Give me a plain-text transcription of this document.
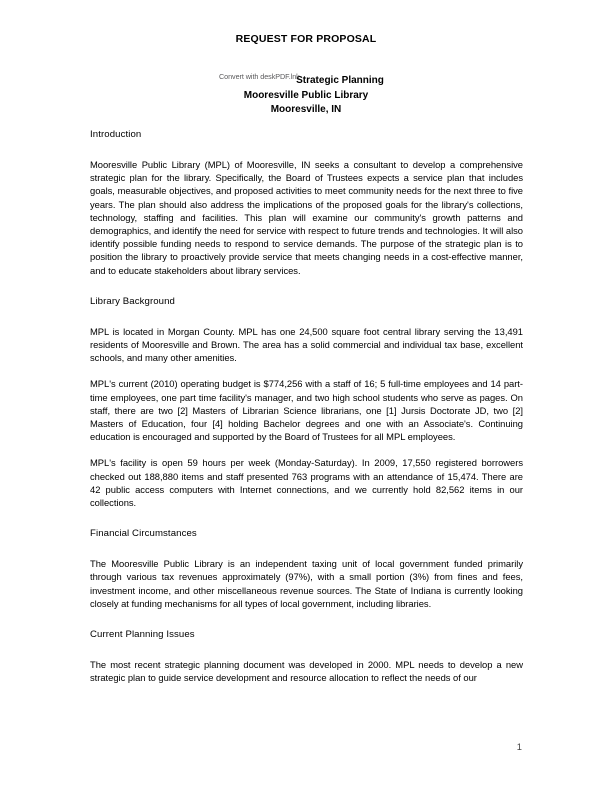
REQUEST FOR PROPOSAL
Strategic Planning
Mooresville Public Library
Mooresville, IN
Convert with deskPDF.lnk
Introduction

Mooresville Public Library (MPL) of Mooresville, IN seeks a consultant to develop a comprehensive strategic plan for the library. Specifically, the Board of Trustees expects a service plan that includes goals, measurable objectives, and proposed activities to meet community needs for the next three to five years. The plan should also address the implications of the proposed goals for the library's collections, technology, staffing and facilities. This plan will examine our community's growth patterns and demographics, and identify the need for service with respect to future trends and technologies. It will also identify possible funding needs to respond to service demands. The purpose of the strategic plan is to position the library to proactively provide service that meets changing needs in a cost-effective manner, and to educate stakeholders about library services.

Library Background

MPL is located in Morgan County. MPL has one 24,500 square foot central library serving the 13,491 residents of Mooresville and Brown. The area has a solid commercial and individual tax base, excellent schools, and many other amenities.

MPL's current (2010) operating budget is $774,256 with a staff of 16; 5 full-time employees and 14 part-time employees, one part time facility's manager, and two high school students who serve as pages. On staff, there are two [2] Masters of Librarian Science librarians, one [1] Jursis Doctorate JD, two [2] Masters of Education, four [4] holding Bachelor degrees and one with an Associate's. Continuing education is encouraged and supported by the Board of Trustees for all MPL employees.

MPL's facility is open 59 hours per week (Monday-Saturday). In 2009, 17,550 registered borrowers checked out 188,880 items and staff presented 763 programs with an attendance of 15,474. There are 42 public access computers with Internet connections, and we currently hold 82,562 items in our collections.

Financial Circumstances

The Mooresville Public Library is an independent taxing unit of local government funded primarily through various tax revenues approximately (97%), with a small portion (3%) from fines and fees, investment income, and other miscellaneous revenue sources. The State of Indiana is currently looking closely at funding mechanisms for all types of local government, including libraries.

Current Planning Issues

The most recent strategic planning document was developed in 2000. MPL needs to develop a new strategic plan to guide service development and resource allocation to reflect the needs of our

1
